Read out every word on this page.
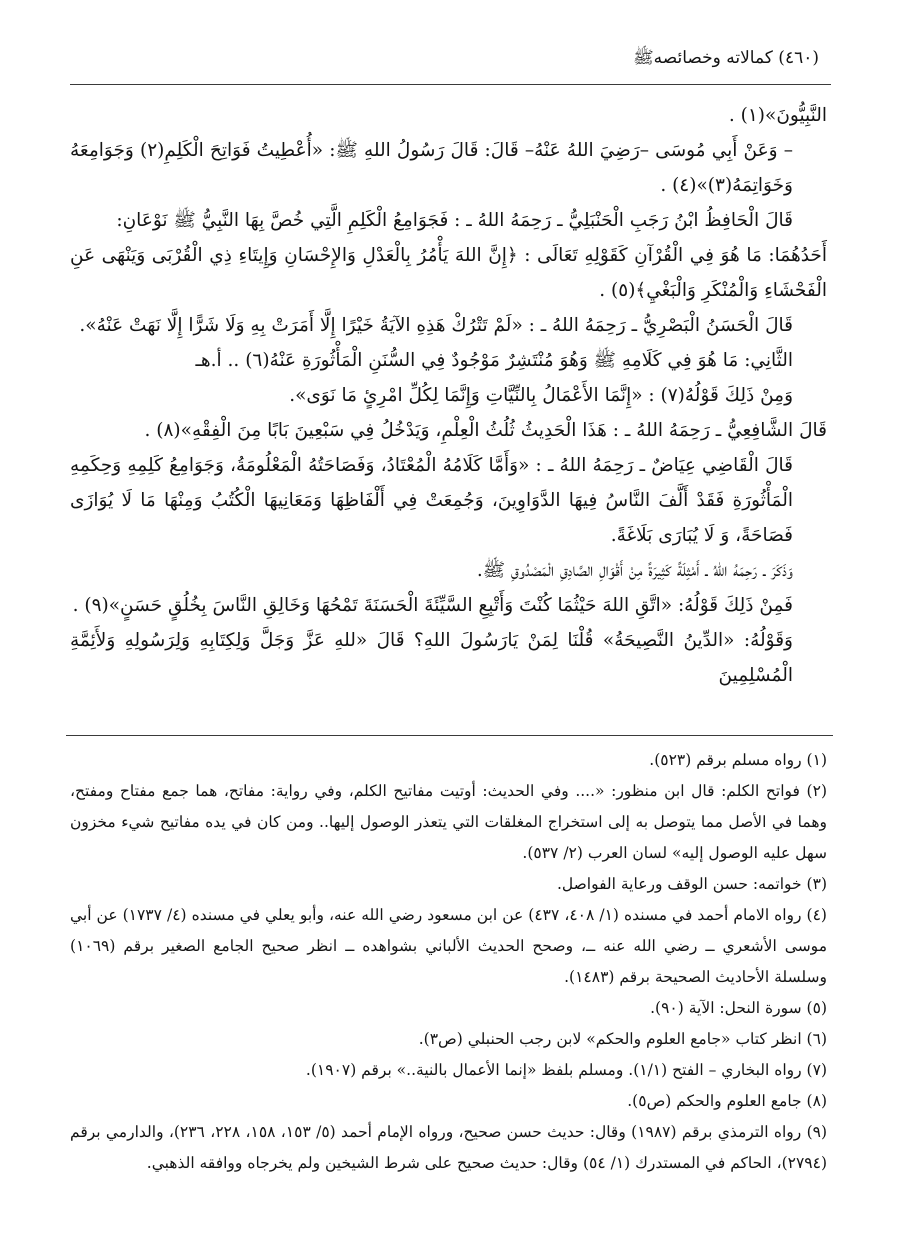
(٤٦٠) كمالاته وخصائصهﷺ

النَّبِيُّونَ»(١) .

– وَعَنْ أَبِي مُوسَى –رَضِيَ اللهُ عَنْهُ– قَالَ: قَالَ رَسُولُ اللهِ ﷺ: «أُعْطِيتُ فَوَاتِحَ الْكَلِمِ(٢) وَجَوَامِعَهُ وَخَوَاتِمَهُ(٣)»(٤) .

قَالَ الْحَافِظُ ابْنُ رَجَبِ الْحَنْبَلِيُّ ـ رَحِمَهُ اللهُ ـ : فَجَوَامِعُ الْكَلِمِ الَّتِي خُصَّ بِهَا النَّبِيُّ ﷺ نَوْعَانِ:

أَحَدُهُمَا: مَا هُوَ فِي الْقُرْآنِ كَقَوْلِهِ تَعَالَى : ﴿إِنَّ اللهَ يَأْمُرُ بِالْعَدْلِ وَالإِحْسَانِ وَإِيتَاءِ ذِي الْقُرْبَى وَيَنْهَى عَنِ الْفَحْشَاءِ وَالْمُنْكَرِ وَالْبَغْيِ﴾(٥) .

قَالَ الْحَسَنُ الْبَصْرِيُّ ـ رَحِمَهُ اللهُ ـ : «لَمْ تَتْرُكْ هَذِهِ الآيَةُ خَيْرًا إِلَّا أَمَرَتْ بِهِ وَلَا شَرًّا إِلَّا نَهَتْ عَنْهُ».

الثَّانِي: مَا هُوَ فِي كَلَامِهِ ﷺ وَهُوَ مُنْتَشِرٌ مَوْجُودٌ فِي السُّنَنِ الْمَأْثُورَةِ عَنْهُ(٦) .. أ.هـ

وَمِنْ ذَلِكَ قَوْلُهُ(٧) : «إِنَّمَا الأَعْمَالُ بِالنِّيَّاتِ وَإِنَّمَا لِكُلِّ امْرِئٍ مَا نَوَى».

قَالَ الشَّافِعِيُّ ـ رَحِمَهُ اللهُ ـ : هَذَا الْحَدِيثُ ثُلُثُ الْعِلْمِ، وَيَدْخُلُ فِي سَبْعِينَ بَابًا مِنَ الْفِقْهِ»(٨) .

قَالَ الْقَاضِي عِيَاضٌ ـ رَحِمَهُ اللهُ ـ : «وَأَمَّا كَلَامُهُ الْمُعْتَادُ، وَفَصَاحَتُهُ الْمَعْلُومَةُ، وَجَوَامِعُ كَلِمِهِ وَحِكَمِهِ الْمَأْثُورَةِ فَقَدْ أَلَّفَ النَّاسُ فِيهَا الدَّوَاوِينَ، وَجُمِعَتْ فِي أَلْفَاظِهَا وَمَعَانِيهَا الْكُتُبُ وَمِنْهَا مَا لَا يُوَازَى فَصَاحَةً، وَ لَا يُبَارَى بَلَاغَةً.

وَذَكَرَ ـ رَحِمَهُ اللهُ ـ أَمْثِلَةً كَثِيرَةً مِنْ أَقْوَالِ الصَّادِقِ الْمَصْدُوقِ ﷺ.

فَمِنْ ذَلِكَ قَوْلُهُ: «اتَّقِ اللهَ حَيْثُمَا كُنْتَ وَأَتْبِعِ السَّيِّئَةَ الْحَسَنَةَ تَمْحُهَا وَخَالِقِ النَّاسَ بِخُلُقٍ حَسَنٍ»(٩) .

وَقَوْلُهُ: «الدِّينُ النَّصِيحَةُ» قُلْنَا لِمَنْ يَارَسُولَ اللهِ؟ قَالَ «للهِ عَزَّ وَجَلَّ وَلِكِتَابِهِ وَلِرَسُولِهِ وَلأَئِمَّةِ الْمُسْلِمِينَ

(١) رواه مسلم برقم (٥٢٣).

(٢) فواتح الكلم: قال ابن منظور: «.... وفي الحديث: أوتيت مفاتيح الكلم، وفي رواية: مفاتح، هما جمع مفتاح ومفتح، وهما في الأصل مما يتوصل به إلى استخراج المغلقات التي يتعذر الوصول إليها.. ومن كان في يده مفاتيح شيء مخزون سهل عليه الوصول إليه» لسان العرب (٢/ ٥٣٧).

(٣) خواتمه: حسن الوقف ورعاية الفواصل.

(٤) رواه الامام أحمد في مسنده (١/ ٤٠٨، ٤٣٧) عن ابن مسعود رضي الله عنه، وأبو يعلي في مسنده (٤/ ١٧٣٧) عن أبي موسى الأشعري ــ رضي الله عنه ــ، وصحح الحديث الألباني بشواهده ــ انظر صحيح الجامع الصغير برقم (١٠٦٩) وسلسلة الأحاديث الصحيحة برقم (١٤٨٣).

(٥) سورة النحل: الآية (٩٠).

(٦) انظر كتاب «جامع العلوم والحكم» لابن رجب الحنبلي (ص٣).

(٧) رواه البخاري – الفتح (١/١). ومسلم بلفظ «إنما الأعمال بالنية..» برقم (١٩٠٧).

(٨) جامع العلوم والحكم (ص٥).

(٩) رواه الترمذي برقم (١٩٨٧) وقال: حديث حسن صحيح، ورواه الإمام أحمد (٥/ ١٥٣، ١٥٨، ٢٢٨، ٢٣٦)، والدارمي برقم (٢٧٩٤)، الحاكم في المستدرك (١/ ٥٤) وقال: حديث صحيح على شرط الشيخين ولم يخرجاه ووافقه الذهبي.
